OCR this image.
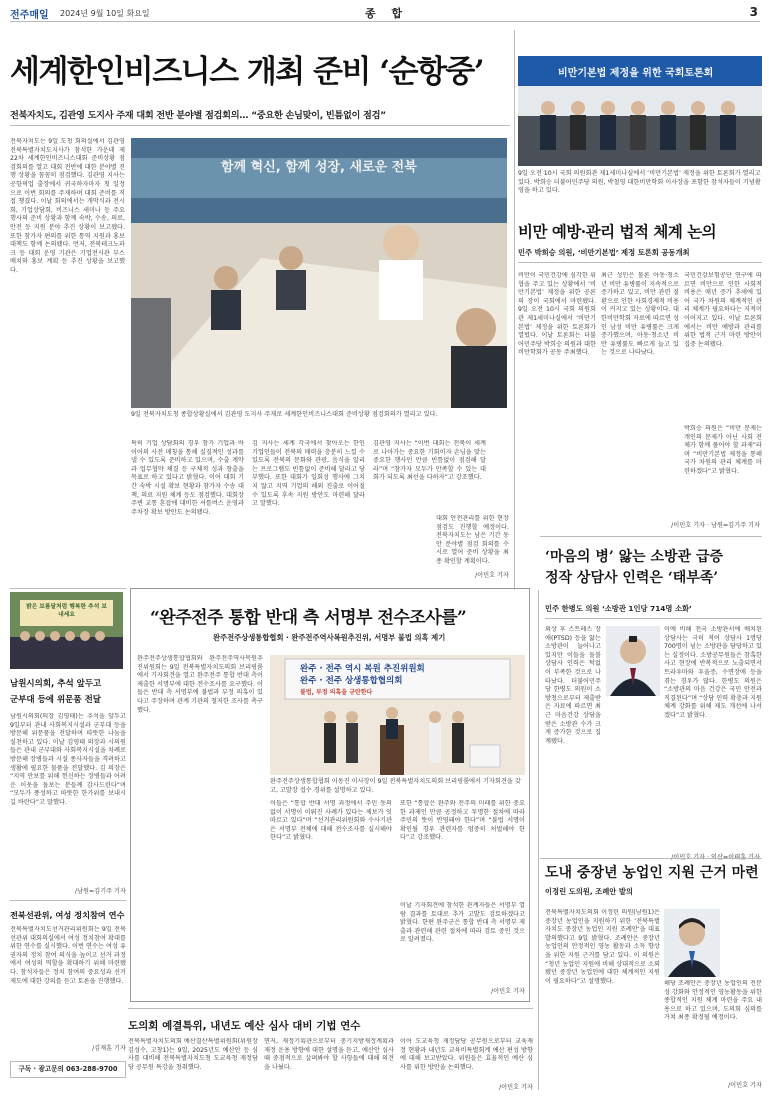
전주매일 2024년 9월 10일 화요일	종 합	3
세계한인비즈니스 개최 준비 ‘순항중’
전북자치도, 김관영 도지사 주재 대회 전반 분야별 점검회의… “중요한 손님맞이, 빈틈없이 점검”
전북자치도는 9일 도청 회의실에서 김관영 전북특별자치도지사가 참석한 가운데 제22차 세계한인비즈니스대회 준비상황 점검회의를 열고 대회 전반에 대한 분야별 진행 상황을 꼼꼼히 점검했다. 김관영 지사는 공항픽업 출장에서 귀국하자마자 첫 일정으로 이번 회의를 주재하며 대회 준비를 직접 챙겼다. 이날 회의에서는 개막식과 전시회, 기업상담회, 비즈니스 세미나 등 주요 행사의 준비 상황과 함께 숙박, 수송, 의료, 안전 등 지원 분야 추진 상황이 보고됐다. 또한 참가자 편의를 위한 통역 지원과 홍보 대책도 함께 논의됐다. 먼저, 전북테크노파크 등 대회 운영 기관은 기업전시관 부스 배치와 홍보 계획 등 추진 상황을 보고했다.
함께 혁신, 함께 성장, 새로운 전북
9일 전북자치도청 종합상황실에서 김관영 도지사 주재로 세계한인비즈니스대회 준비상황 점검회의가 열리고 있다.
특히 기업 상담회의 경우 참가 기업과 바이어의 사전 매칭을 통해 실질적인 성과를 낼 수 있도록 준비하고 있으며, 수출 계약과 업무협약 체결 등 구체적 성과 창출을 목표로 하고 있다고 밝혔다. 이어 대회 기간 숙박 시설 확보 현황과 참가자 수송 대책, 의료 지원 체계 등도 점검했다. 대회장 주변 교통 혼잡에 대비한 셔틀버스 운영과 주차장 확보 방안도 논의됐다.
김 지사는 세계 각국에서 찾아오는 한인 기업인들이 전북의 매력을 충분히 느낄 수 있도록 전북의 문화와 관광, 음식을 알리는 프로그램도 빈틈없이 준비해 달라고 당부했다. 또한 대회가 일회성 행사에 그치지 않고 지역 기업의 해외 진출로 이어질 수 있도록 후속 지원 방안도 마련해 달라고 말했다.
김관영 지사는 “이번 대회는 전북이 세계로 나아가는 중요한 기회이자 손님을 맞는 중요한 행사인 만큼 빈틈없이 점검해 달라”며 “참가자 모두가 만족할 수 있는 대회가 되도록 최선을 다하자”고 강조했다.
대회 안전관리를 위한 현장 점검도 진행할 예정이다. 전북자치도는 남은 기간 동안 분야별 점검 회의를 수시로 열어 준비 상황을 최종 확인할 계획이다.
/이민호 기자
비만기본법 제정을 위한 국회토론회
9일 오전 10시 국회 의원회관 제1세미나실에서 ‘비만기본법’ 제정을 위한 토론회가 열리고 있다. 박희승 더불어민주당 의원, 박철영 대한비만학회 이사장을 포함한 참석자들이 기념촬영을 하고 있다.
비만 예방·관리 법적 체계 논의
민주 박희승 의원, ‘비만기본법’ 제정 토론회 공동개최
비만이 국민건강에 심각한 위협을 주고 있는 상황에서 ‘비만기본법’ 제정을 위한 공론의 장이 국회에서 마련됐다. 9일 오전 10시 국회 의원회관 제1세미나실에서 ‘비만기본법’ 제정을 위한 토론회가 열렸다. 이날 토론회는 더불어민주당 박희승 의원과 대한비만학회가 공동 주최했다.
최근 성인은 물론 아동·청소년 비만 유병률이 지속적으로 증가하고 있고, 비만 관련 질환으로 인한 사회경제적 비용이 커지고 있는 상황이다. 대한비만학회 자료에 따르면 성인 남성 비만 유병률은 크게 증가했으며, 아동·청소년 비만 유병률도 빠르게 늘고 있는 것으로 나타났다.
국민건강보험공단 연구에 따르면 비만으로 인한 사회적 비용은 매년 증가 추세에 있어 국가 차원의 체계적인 관리 체계가 필요하다는 지적이 이어지고 있다. 이날 토론회에서는 비만 예방과 관리를 위한 법적 근거 마련 방안이 집중 논의됐다.
박희승 의원은 “비만 문제는 개인의 문제가 아닌 사회 전체가 함께 풀어야 할 과제”라며 “비만기본법 제정을 통해 국가 차원의 관리 체계를 마련하겠다”고 밝혔다.
/이민호 기자 · 남원=김기주 기자
‘마음의 병’ 앓는 소방관 급증
정작 상담사 인력은 ‘태부족’
민주 한병도 의원 ‘소방관 1인당 714명 소화’
외상 후 스트레스 장애(PTSD) 등을 앓는 소방관이 늘어나고 있지만 이들을 돌볼 상담사 인력은 턱없이 부족한 것으로 나타났다. 더불어민주당 한병도 의원이 소방청으로부터 제출받은 자료에 따르면 최근 마음건강 상담을 받은 소방관 수가 크게 증가한 것으로 집계됐다.
이에 비해 전국 소방관서에 배치된 상담사는 극히 적어 상담사 1명당 700명이 넘는 소방관을 담당하고 있는 실정이다. 소방공무원들은 참혹한 사고 현장에 반복적으로 노출되면서 트라우마와 우울증, 수면장애 등을 겪는 경우가 많다. 한병도 의원은 “소방관의 마음 건강은 국민 안전과 직결된다”며 “상담 인력 확충과 지원 체계 강화를 위해 제도 개선에 나서겠다”고 밝혔다.
“완주전주 통합 반대 측 서명부 전수조사를”
완주전주상생통합협회 · 완주전주역사복원추진위, 서명부 불법 의혹 제기
완주전주상생통합협회와 완주전주역사복원추진위원회는 9일 전북특별자치도의회 브리핑룸에서 기자회견을 열고 완주전주 통합 반대 측이 제출한 서명부에 대한 전수조사를 요구했다. 이들은 반대 측 서명부에 불법과 부정 의혹이 있다고 주장하며 관계 기관의 철저한 조사를 촉구했다.
완주 · 전주 역시 복원 추진위원회
완주 · 전주 상생통합협의회
불법, 부정 의혹을 규탄한다
완주전주상생통합협회 이동진 이사장이 9일 전북특별자치도의회 브리핑룸에서 기자회견을 갖고, 고발장 접수 경위를 설명하고 있다.
이들은 “통합 반대 서명 과정에서 주민 동의 없이 서명이 이뤄진 사례가 있다는 제보가 잇따르고 있다”며 “선거관리위원회와 수사기관은 서명부 전체에 대해 전수조사를 실시해야 한다”고 밝혔다.
또한 “통합은 완주와 전주의 미래를 위한 중요한 과제인 만큼 공정하고 투명한 절차에 따라 주민의 뜻이 반영돼야 한다”며 “불법 서명이 확인될 경우 관련자를 엄중히 처벌해야 한다”고 강조했다.
이날 기자회견에 참석한 관계자들은 서명부 열람 결과를 토대로 추가 고발도 검토하겠다고 밝혔다. 한편 완주군은 통합 반대 측 서명부 제출과 관련해 관련 절차에 따라 검토 중인 것으로 알려졌다.
/이민호 기자
밝은 보름달처럼 행복한 추석 보내세요
남원시의회, 추석 앞두고
군부대 등에 위문품 전달
남원시의회(의장 김영태)는 추석을 앞두고 9일부터 관내 사회복지시설과 군부대 등을 방문해 위문품을 전달하며 따뜻한 나눔을 실천하고 있다. 이날 김영태 의장과 시의원들은 관내 군부대와 사회복지시설을 차례로 방문해 장병들과 시설 종사자들을 격려하고 생활에 필요한 물품을 전달했다. 김 의장은 “지역 안보를 위해 헌신하는 장병들과 어려운 이웃을 돌보는 분들께 감사드린다”며 “모두가 풍성하고 따뜻한 한가위를 보내시길 바란다”고 말했다.
/남원=김기주 기자
전북선관위, 여성 정치참여 연수
전북특별자치도선거관리위원회는 9일 전북선관위 대회의실에서 여성 정치참여 확대를 위한 연수를 실시했다. 이번 연수는 여성 유권자의 정치 참여 의식을 높이고 선거 과정에서 여성의 역할을 확대하기 위해 마련됐다. 참석자들은 정치 참여의 중요성과 선거 제도에 대한 강의를 듣고 토론을 진행했다.
/김재훈 기자
구독 · 광고문의 063-288-9700
도내 중장년 농업인 지원 근거 마련
이정린 도의원, 조례안 발의
전북특별자치도의회 이정린 의원(남원1)은 중장년 농업인을 지원하기 위한 ‘전북특별자치도 중장년 농업인 지원 조례안’을 대표 발의했다고 9일 밝혔다. 조례안은 중장년 농업인의 안정적인 영농 활동과 소득 향상을 위한 지원 근거를 담고 있다. 이 의원은 “청년 농업인 지원에 비해 상대적으로 소외됐던 중장년 농업인에 대한 체계적인 지원이 필요하다”고 설명했다.	해당 조례안은 중장년 농업인의 전문성 강화와 안정적인 영농활동을 위한 종합적인 지원 체계 마련을 주요 내용으로 하고 있으며, 도의회 심의를 거쳐 최종 확정될 예정이다.
/이민호 기자
도의회 예결특위, 내년도 예산 심사 대비 기법 연수
전북특별자치도의회 예산결산특별위원회(위원장 김성수, 고창1)는 9일, 2025년도 예산안 등 심사를 대비해 전북특별자치도청 도교육청 재정담당 공무원 특강을 청취했다.
면저, 재정기획관으로부터 중기지방재정계획과 재정 운용 방향에 대한 설명을 듣고, 예산안 심사 때 중점적으로 살펴봐야 할 사항들에 대해 의견을 나눴다.
이어 도교육청 재정담당 공무원으로부터 교육재정 현황과 내년도 교육비특별회계 예산 편성 방향에 대해 보고받았다. 위원들은 효율적인 예산 심사를 위한 방안을 논의했다.
/이민호 기자
